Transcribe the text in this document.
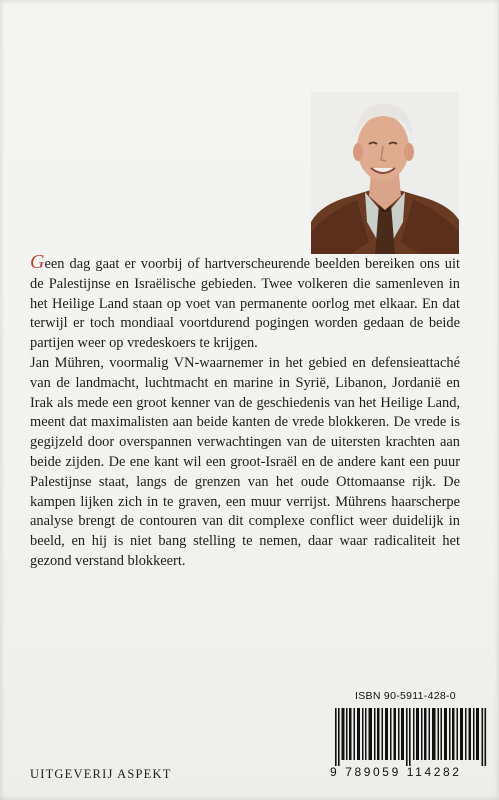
Geen dag gaat er voorbij of hartverscheurende beelden bereiken ons uit de Palestijnse en Israëlische gebieden. Twee volkeren die samenleven in het Heilige Land staan op voet van permanente oorlog met elkaar. En dat terwijl er toch mondiaal voortdurend pogingen worden gedaan de beide partijen weer op vredeskoers te krijgen.

Jan Mühren, voormalig VN-waarnemer in het gebied en defensieattaché van de landmacht, luchtmacht en marine in Syrië, Libanon, Jordanië en Irak als mede een groot kenner van de geschiedenis van het Heilige Land, meent dat maximalisten aan beide kanten de vrede blokkeren. De vrede is gegijzeld door overspannen verwachtingen van de uitersten krachten aan beide zijden. De ene kant wil een groot-Israël en de andere kant een puur Palestijnse staat, langs de grenzen van het oude Ottomaanse rijk. De kampen lijken zich in te graven, een muur verrijst. Mührens haarscherpe analyse brengt de contouren van dit complexe conflict weer duidelijk in beeld, en hij is niet bang stelling te nemen, daar waar radicaliteit het gezond verstand blokkeert.

ISBN 90-5911-428-0
9 789059 114282
UITGEVERIJ ASPEKT
